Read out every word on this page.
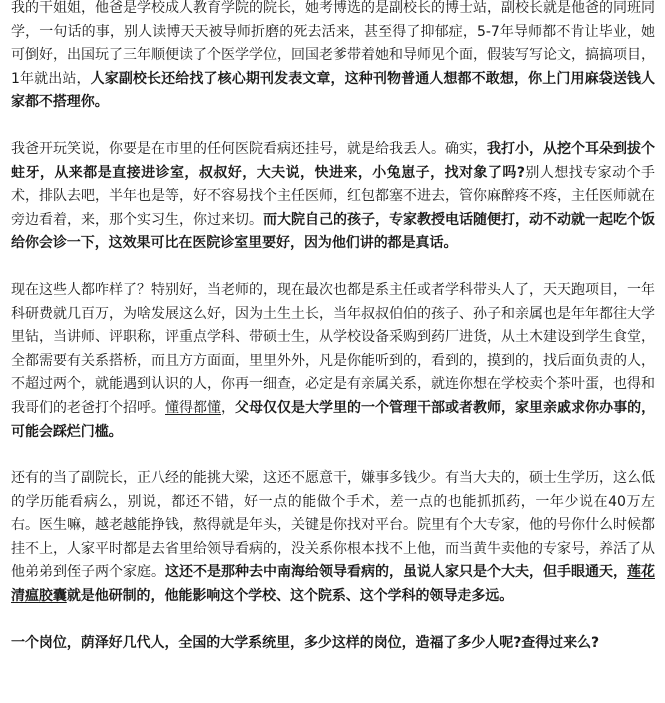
我的干姐姐，他爸是学校成人教育学院的院长，她考博选的是副校长的博士站，副校长就是他爸的同班同学，一句话的事，别人读博天天被导师折磨的死去活来，甚至得了抑郁症，5-7年导师都不肯让毕业，她可倒好，出国玩了三年顺便读了个医学学位，回国老爹带着她和导师见个面，假装写写论文，搞搞项目，1年就出站，人家副校长还给找了核心期刊发表文章，这种刊物普通人想都不敢想，你上门用麻袋送钱人家都不搭理你。

我爸开玩笑说，你要是在市里的任何医院看病还挂号，就是给我丢人。确实，我打小，从挖个耳朵到拔个蛀牙，从来都是直接进诊室，叔叔好，大夫说，快进来，小兔崽子，找对象了吗?别人想找专家动个手术，排队去吧，半年也是等，好不容易找个主任医师，红包都塞不进去，管你麻醉疼不疼，主任医师就在旁边看着，来，那个实习生，你过来切。而大院自己的孩子，专家教授电话随便打，动不动就一起吃个饭给你会诊一下，这效果可比在医院诊室里要好，因为他们讲的都是真话。

现在这些人都咋样了？特别好，当老师的，现在最次也都是系主任或者学科带头人了，天天跑项目，一年科研费就几百万，为啥发展这么好，因为土生土长，当年叔叔伯伯的孩子、孙子和亲属也是年年都往大学里钻，当讲师、评职称，评重点学科、带硕士生，从学校设备采购到药厂进货，从土木建设到学生食堂，全都需要有关系搭桥，而且方方面面，里里外外，凡是你能听到的，看到的，摸到的，找后面负责的人，不超过两个，就能遇到认识的人，你再一细查，必定是有亲属关系，就连你想在学校卖个茶叶蛋，也得和我哥们的老爸打个招呼。懂得都懂，父母仅仅是大学里的一个管理干部或者教师，家里亲戚求你办事的，可能会踩烂门槛。

还有的当了副院长，正八经的能挑大梁，这还不愿意干，嫌事多钱少。有当大夫的，硕士生学历，这么低的学历能看病么，别说，都还不错，好一点的能做个手术，差一点的也能抓抓药，一年少说在40万左右。医生嘛，越老越能挣钱，熬得就是年头，关键是你找对平台。院里有个大专家，他的号你什么时候都挂不上，人家平时都是去省里给领导看病的，没关系你根本找不上他，而当黄牛卖他的专家号，养活了从他弟弟到侄子两个家庭。这还不是那种去中南海给领导看病的，虽说人家只是个大夫，但手眼通天，莲花清瘟胶囊就是他研制的，他能影响这个学校、这个院系、这个学科的领导走多远。

一个岗位，荫泽好几代人，全国的大学系统里，多少这样的岗位，造福了多少人呢?查得过来么?
